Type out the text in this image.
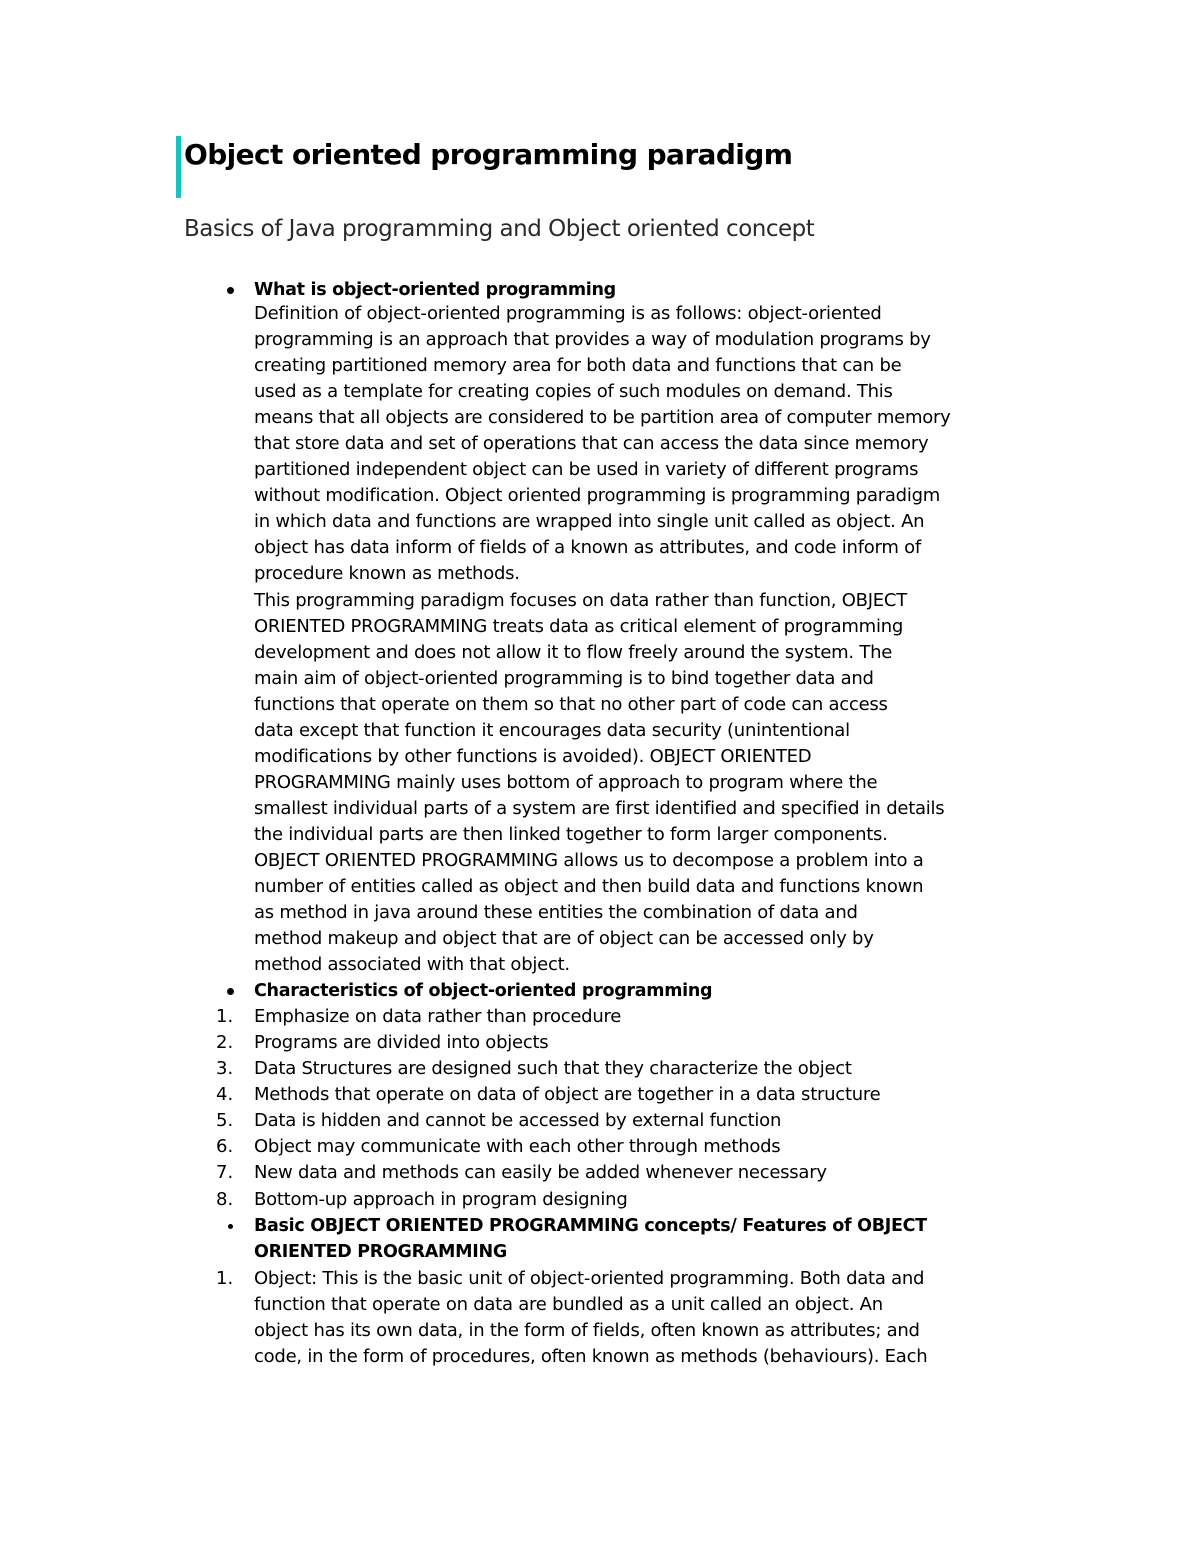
Object oriented programming paradigm
Basics of Java programming and Object oriented concept
What is object-oriented programming
Definition of object-oriented programming is as follows: object-oriented
programming is an approach that provides a way of modulation programs by
creating partitioned memory area for both data and functions that can be
used as a template for creating copies of such modules on demand. This
means that all objects are considered to be partition area of computer memory
that store data and set of operations that can access the data since memory
partitioned independent object can be used in variety of different programs
without modification. Object oriented programming is programming paradigm
in which data and functions are wrapped into single unit called as object. An
object has data inform of fields of a known as attributes, and code inform of
procedure known as methods.
This programming paradigm focuses on data rather than function, OBJECT
ORIENTED PROGRAMMING treats data as critical element of programming
development and does not allow it to flow freely around the system. The
main aim of object-oriented programming is to bind together data and
functions that operate on them so that no other part of code can access
data except that function it encourages data security (unintentional
modifications by other functions is avoided). OBJECT ORIENTED
PROGRAMMING mainly uses bottom of approach to program where the
smallest individual parts of a system are first identified and specified in details
the individual parts are then linked together to form larger components.
OBJECT ORIENTED PROGRAMMING allows us to decompose a problem into a
number of entities called as object and then build data and functions known
as method in java around these entities the combination of data and
method makeup and object that are of object can be accessed only by
method associated with that object.
Characteristics of object-oriented programming
1.	Emphasize on data rather than procedure
2.	Programs are divided into objects
3.	Data Structures are designed such that they characterize the object
4.	Methods that operate on data of object are together in a data structure
5.	Data is hidden and cannot be accessed by external function
6.	Object may communicate with each other through methods
7.	New data and methods can easily be added whenever necessary
8.	Bottom-up approach in program designing
Basic OBJECT ORIENTED PROGRAMMING concepts/ Features of OBJECT
ORIENTED PROGRAMMING
1.	Object: This is the basic unit of object-oriented programming. Both data and
function that operate on data are bundled as a unit called an object. An
object has its own data, in the form of fields, often known as attributes; and
code, in the form of procedures, often known as methods (behaviours). Each
